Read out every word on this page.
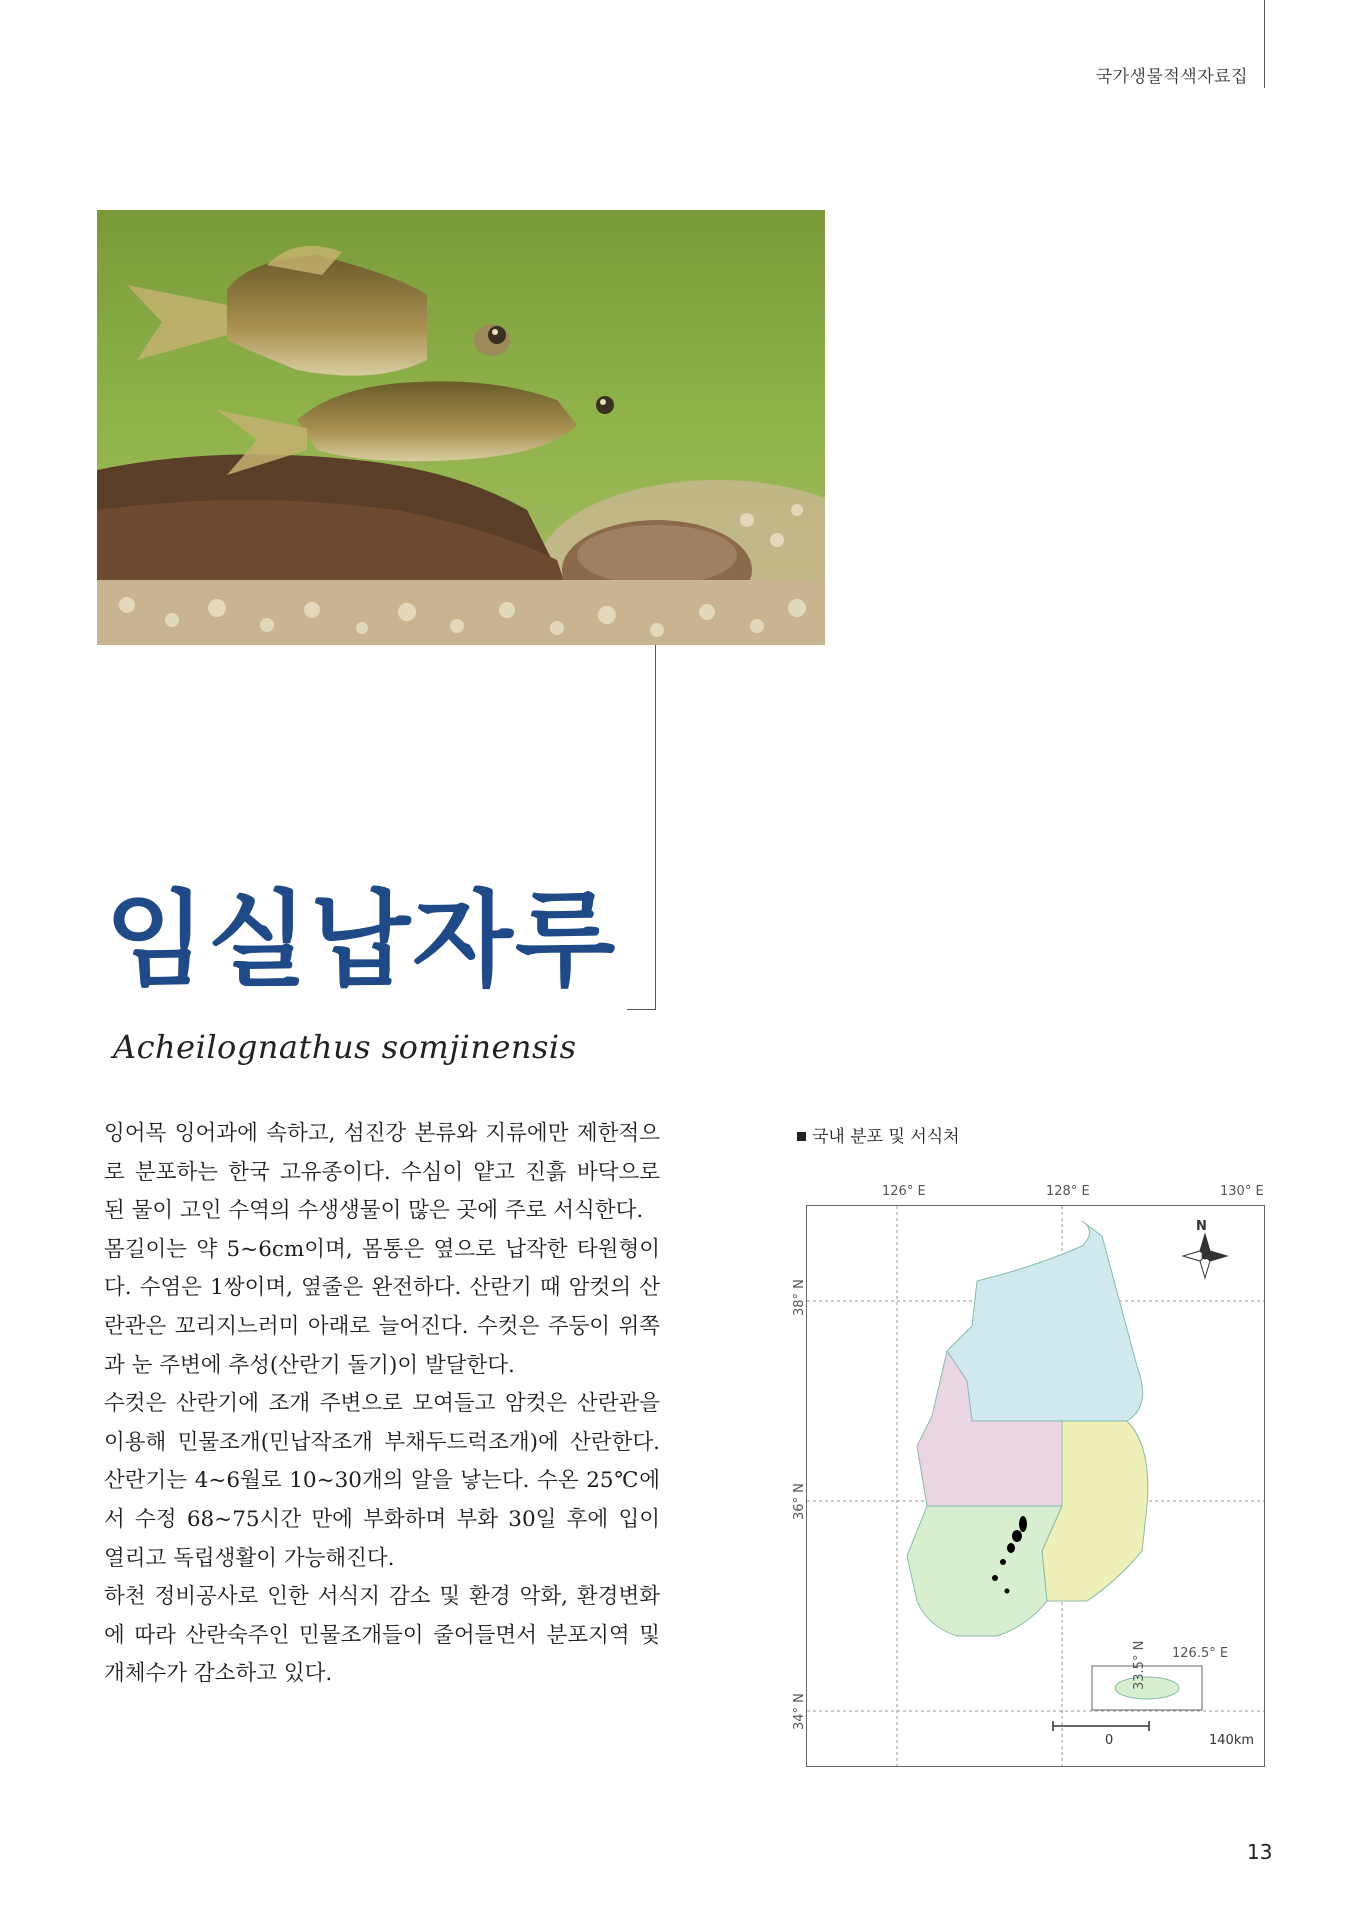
국가생물적색자료집
임실납자루
Acheilognathus somjinensis

잉어목 잉어과에 속하고, 섬진강 본류와 지류에만 제한적으로 분포하는 한국 고유종이다. 수심이 얕고 진흙 바닥으로 된 물이 고인 수역의 수생생물이 많은 곳에 주로 서식한다.

몸길이는 약 5~6cm이며, 몸통은 옆으로 납작한 타원형이다. 수염은 1쌍이며, 옆줄은 완전하다. 산란기 때 암컷의 산란관은 꼬리지느러미 아래로 늘어진다. 수컷은 주둥이 위쪽과 눈 주변에 추성(산란기 돌기)이 발달한다.

수컷은 산란기에 조개 주변으로 모여들고 암컷은 산란관을 이용해 민물조개(민납작조개 부채두드럭조개)에 산란한다. 산란기는 4~6월로 10~30개의 알을 낳는다. 수온 25℃에서 수정 68~75시간 만에 부화하며 부화 30일 후에 입이 열리고 독립생활이 가능해진다.

하천 정비공사로 인한 서식지 감소 및 환경 악화, 환경변화에 따라 산란숙주인 민물조개들이 줄어들면서 분포지역 및 개체수가 감소하고 있다.

국내 분포 및 서식처
126° E	128° E	130° E
N
38° N
36° N
34° N
33.5° N 126.5° E
0	140km
13
